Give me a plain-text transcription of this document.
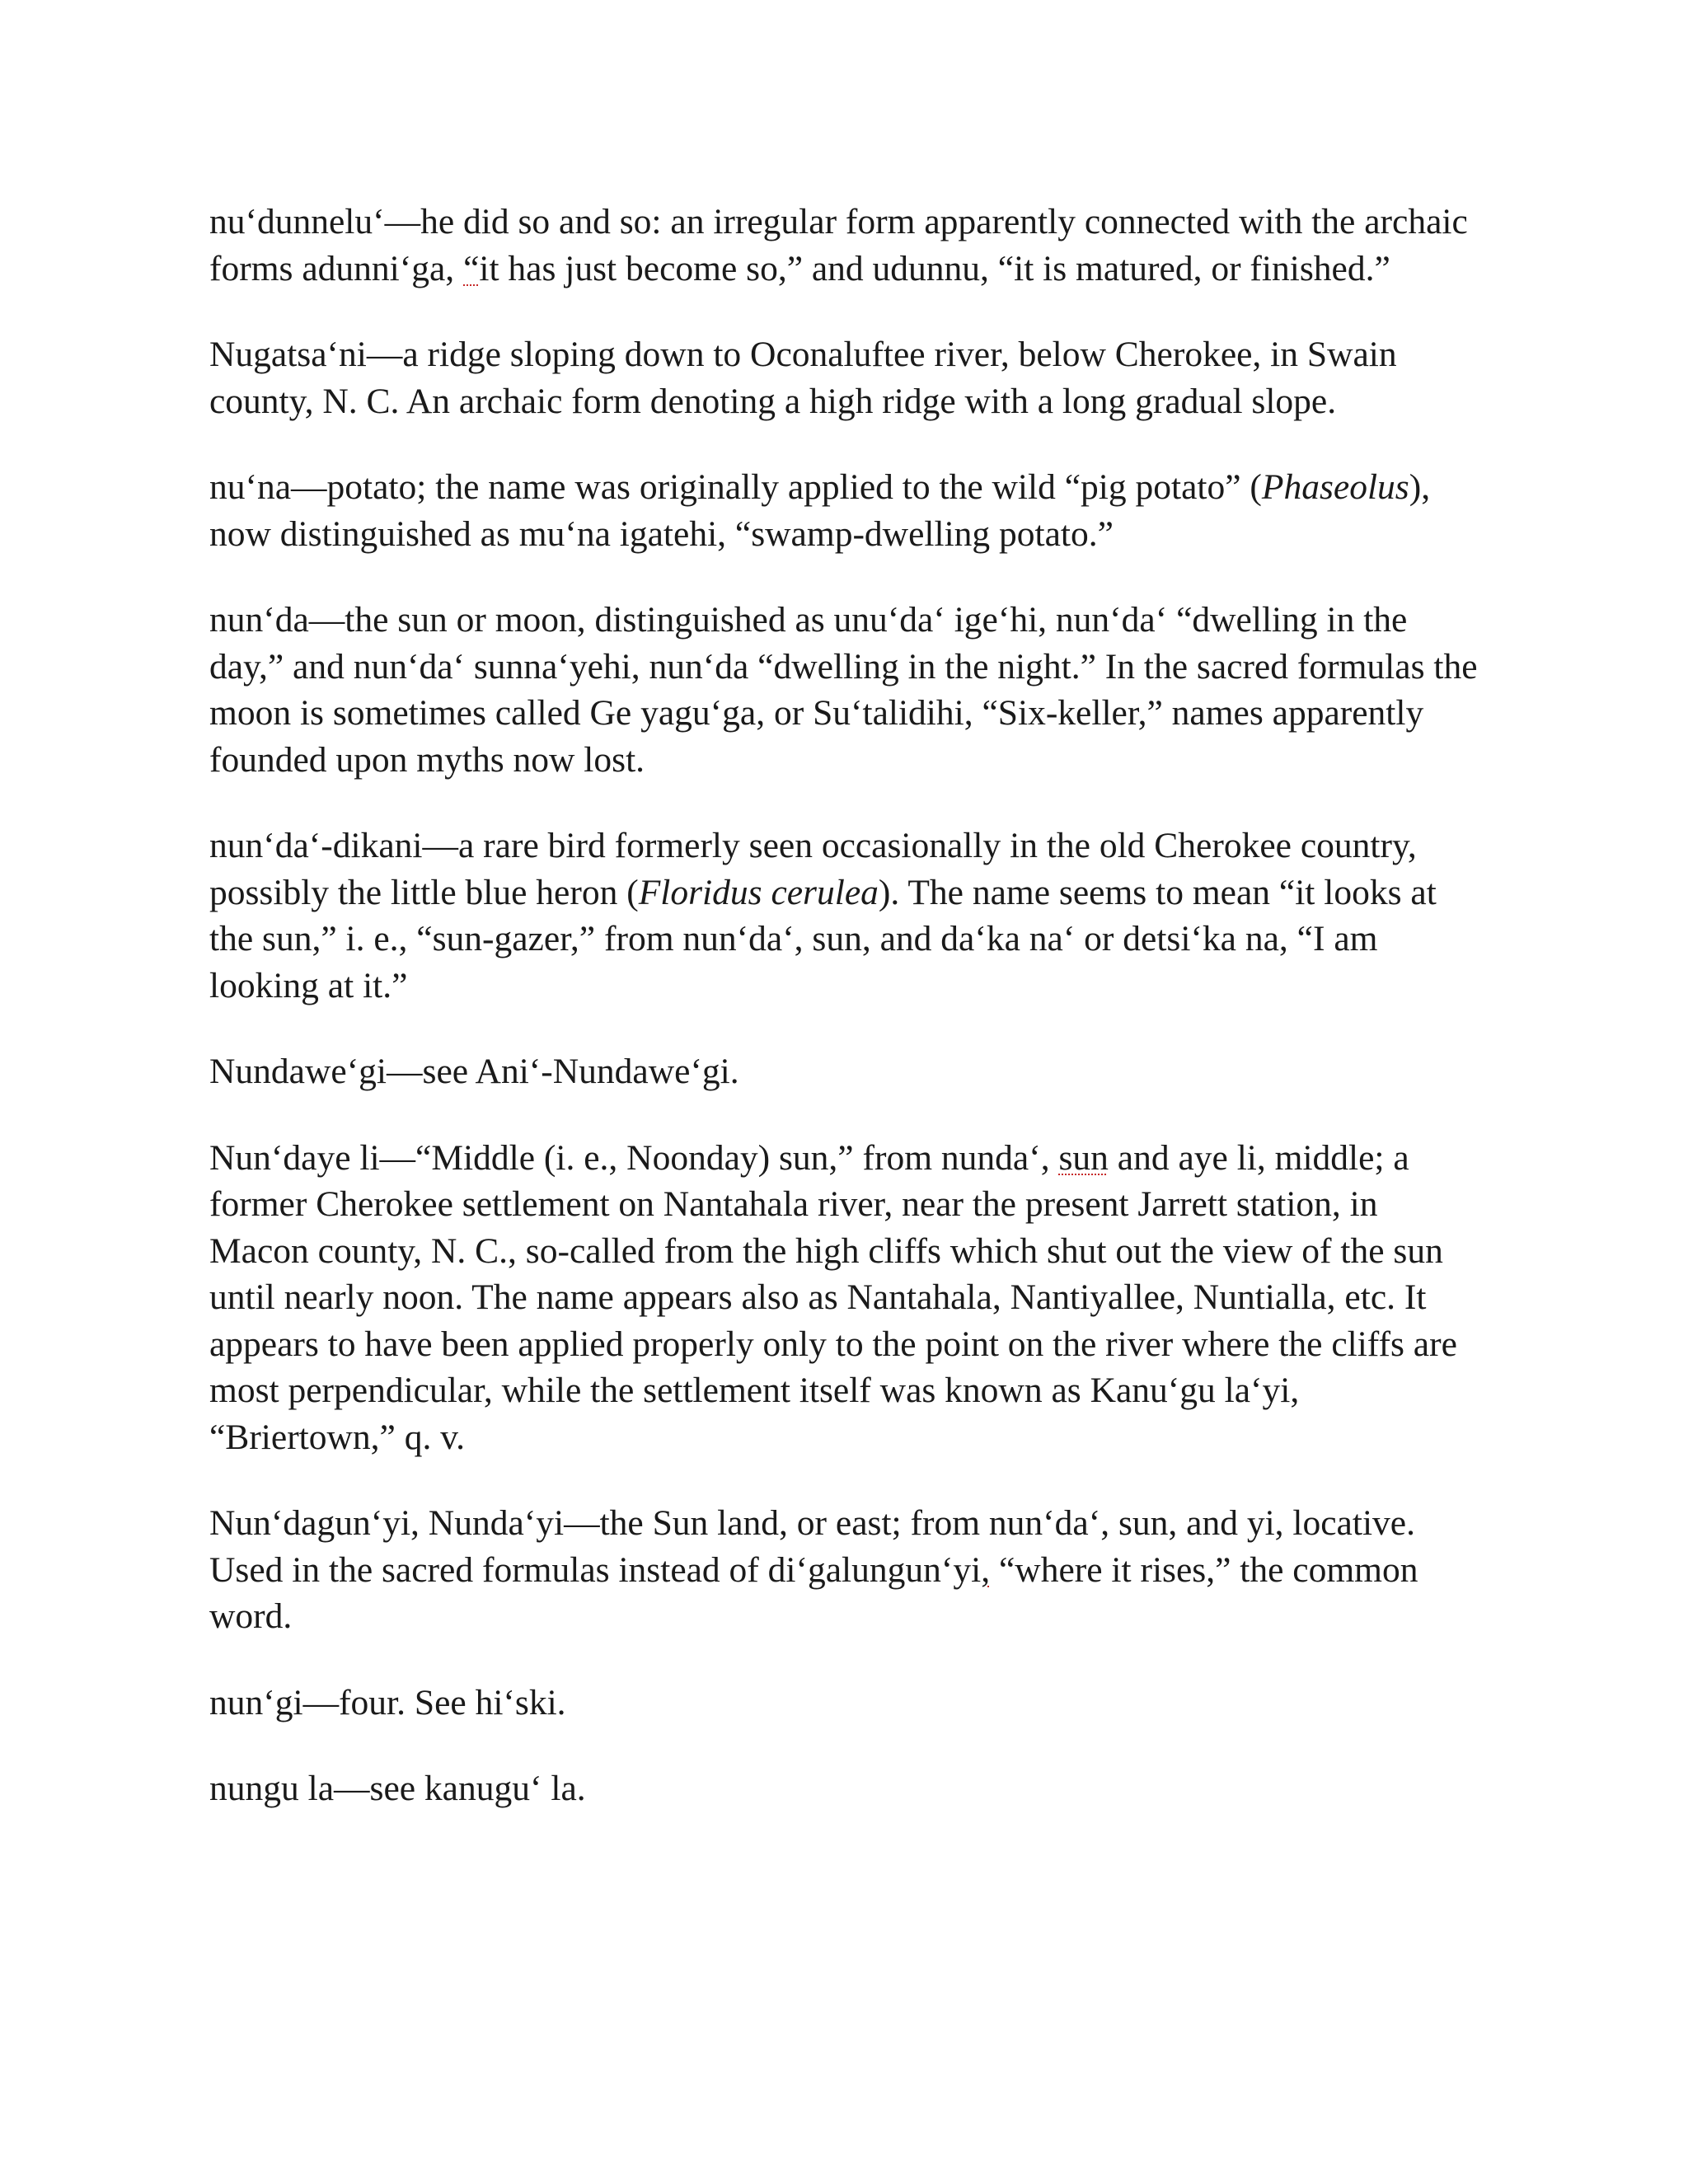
nu‘dunnelu‘—he did so and so: an irregular form apparently connected with the archaic forms adunni‘ga, “it has just become so,” and udunnu, “it is matured, or finished.”

Nugatsa‘ni—a ridge sloping down to Oconaluftee river, below Cherokee, in Swain county, N. C. An archaic form denoting a high ridge with a long gradual slope.

nu‘na—potato; the name was originally applied to the wild “pig potato” (Phaseolus), now distinguished as mu‘na igatehi, “swamp-dwelling potato.”

nun‘da—the sun or moon, distinguished as unu‘da‘ ige‘hi, nun‘da‘ “dwelling in the day,” and nun‘da‘ sunna‘yehi, nun‘da “dwelling in the night.” In the sacred formulas the moon is sometimes called Ge yagu‘ga, or Su‘talidihi, “Six-keller,” names apparently founded upon myths now lost.

nun‘da‘-dikani—a rare bird formerly seen occasionally in the old Cherokee country, possibly the little blue heron (Floridus cerulea). The name seems to mean “it looks at the sun,” i. e., “sun-gazer,” from nun‘da‘, sun, and da‘ka na‘ or detsi‘ka na, “I am looking at it.”

Nundawe‘gi—see Ani‘-Nundawe‘gi.

Nun‘daye li—“Middle (i. e., Noonday) sun,” from nunda‘, sun and aye li, middle; a former Cherokee settlement on Nantahala river, near the present Jarrett station, in Macon county, N. C., so-called from the high cliffs which shut out the view of the sun until nearly noon. The name appears also as Nantahala, Nantiyallee, Nuntialla, etc. It appears to have been applied properly only to the point on the river where the cliffs are most perpendicular, while the settlement itself was known as Kanu‘gu la‘yi, “Briertown,” q. v.

Nun‘dagun‘yi, Nunda‘yi—the Sun land, or east; from nun‘da‘, sun, and yi, locative. Used in the sacred formulas instead of di‘galungun‘yi, “where it rises,” the common word.

nun‘gi—four. See hi‘ski.

nungu la—see kanugu‘ la.
